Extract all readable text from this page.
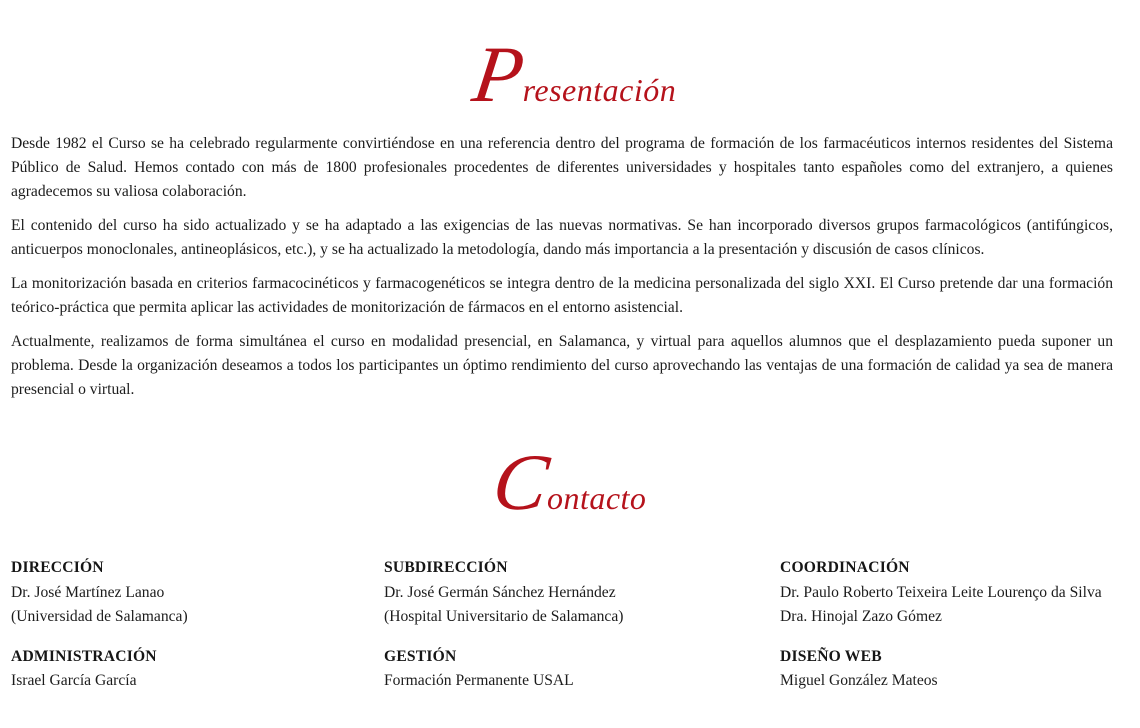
Presentación

Desde 1982 el Curso se ha celebrado regularmente convirtiéndose en una referencia dentro del programa de formación de los farmacéuticos internos residentes del Sistema Público de Salud. Hemos contado con más de 1800 profesionales procedentes de diferentes universidades y hospitales tanto españoles como del extranjero, a quienes agradecemos su valiosa colaboración.

El contenido del curso ha sido actualizado y se ha adaptado a las exigencias de las nuevas normativas. Se han incorporado diversos grupos farmacológicos (antifúngicos, anticuerpos monoclonales, antineoplásicos, etc.), y se ha actualizado la metodología, dando más importancia a la presentación y discusión de casos clínicos.

La monitorización basada en criterios farmacocinéticos y farmacogenéticos se integra dentro de la medicina personalizada del siglo XXI. El Curso pretende dar una formación teórico-práctica que permita aplicar las actividades de monitorización de fármacos en el entorno asistencial.

Actualmente, realizamos de forma simultánea el curso en modalidad presencial, en Salamanca, y virtual para aquellos alumnos que el desplazamiento pueda suponer un problema. Desde la organización deseamos a todos los participantes un óptimo rendimiento del curso aprovechando las ventajas de una formación de calidad ya sea de manera presencial o virtual.

Contacto
DIRECCIÓN
Dr. José Martínez Lanao
(Universidad de Salamanca)
ADMINISTRACIÓN
Israel García García
SUBDIRECCIÓN
Dr. José Germán Sánchez Hernández
(Hospital Universitario de Salamanca)
GESTIÓN
Formación Permanente USAL
COORDINACIÓN
Dr. Paulo Roberto Teixeira Leite Lourenço da Silva
Dra. Hinojal Zazo Gómez
DISEÑO WEB
Miguel González Mateos
